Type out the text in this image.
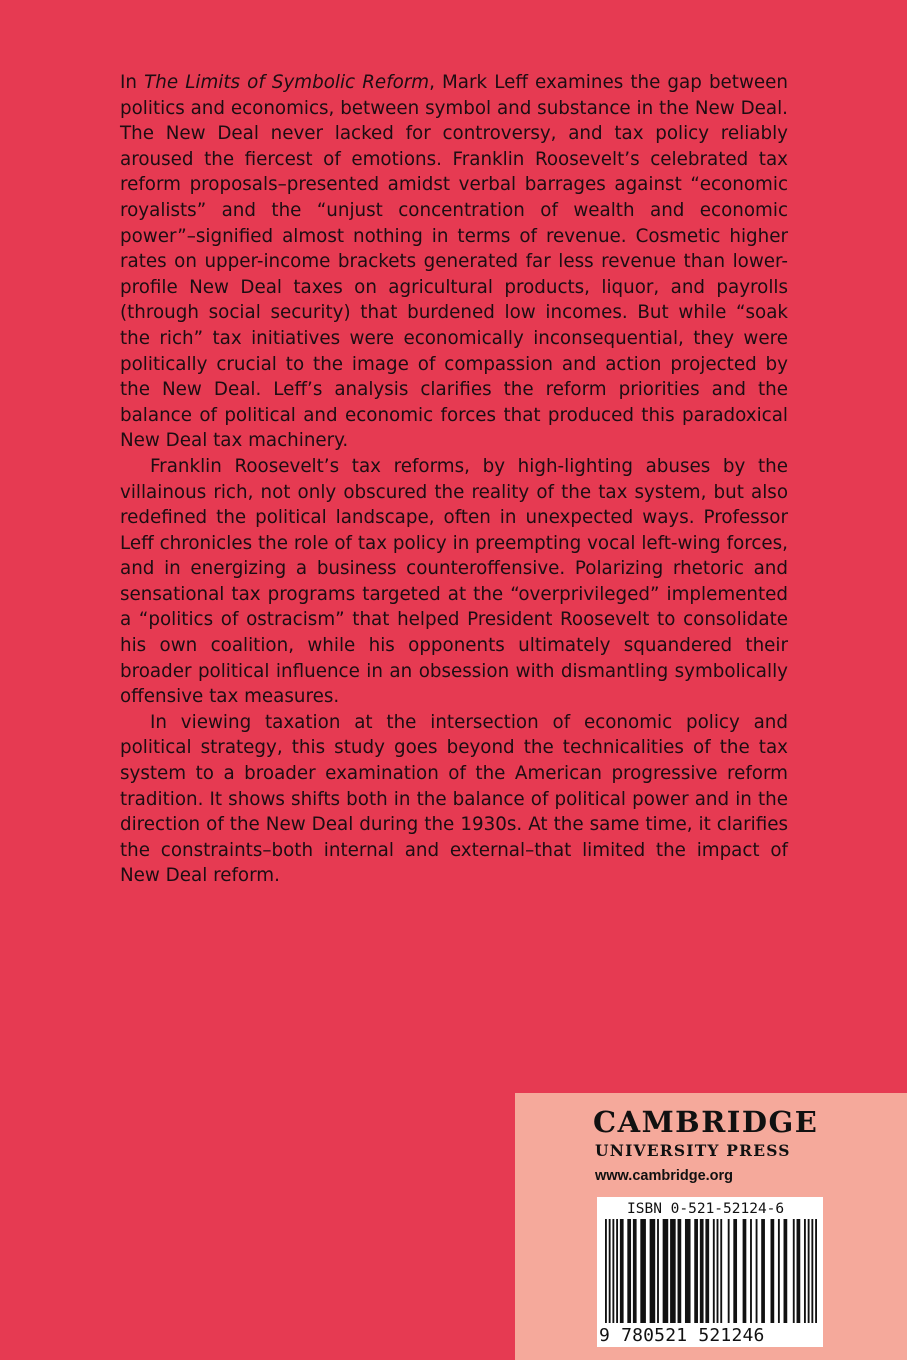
In The Limits of Symbolic Reform, Mark Leff examines the gap between politics and economics, between symbol and substance in the New Deal. The New Deal never lacked for controversy, and tax policy reliably aroused the fiercest of emotions. Franklin Roosevelt’s celebrated tax reform proposals–presented amidst verbal barrages against “economic royalists” and the “unjust concentration of wealth and economic power”–signified almost nothing in terms of revenue. Cosmetic higher rates on upper-income brackets generated far less revenue than lower-profile New Deal taxes on agricultural products, liquor, and payrolls (through social security) that burdened low incomes. But while “soak the rich” tax initiatives were economically inconsequential, they were politically crucial to the image of compassion and action projected by the New Deal. Leff’s analysis clarifies the reform priorities and the balance of political and economic forces that produced this paradoxical New Deal tax machinery.

Franklin Roosevelt’s tax reforms, by high-lighting abuses by the villainous rich, not only obscured the reality of the tax system, but also redefined the political landscape, often in unexpected ways. Professor Leff chronicles the role of tax policy in preempting vocal left-wing forces, and in energizing a business counteroffensive. Polarizing rhetoric and sensational tax programs targeted at the “overprivileged” implemented a “politics of ostracism” that helped President Roosevelt to consolidate his own coalition, while his opponents ultimately squandered their broader political influence in an obsession with dismantling symbolically offensive tax measures.

In viewing taxation at the intersection of economic policy and political strategy, this study goes beyond the technicalities of the tax system to a broader examination of the American progressive reform tradition. It shows shifts both in the balance of political power and in the direction of the New Deal during the 1930s. At the same time, it clarifies the constraints–both internal and external–that limited the impact of New Deal reform.

CAMBRIDGE
UNIVERSITY PRESS
www.cambridge.org
ISBN 0-521-52124-6
9 780521 521246
